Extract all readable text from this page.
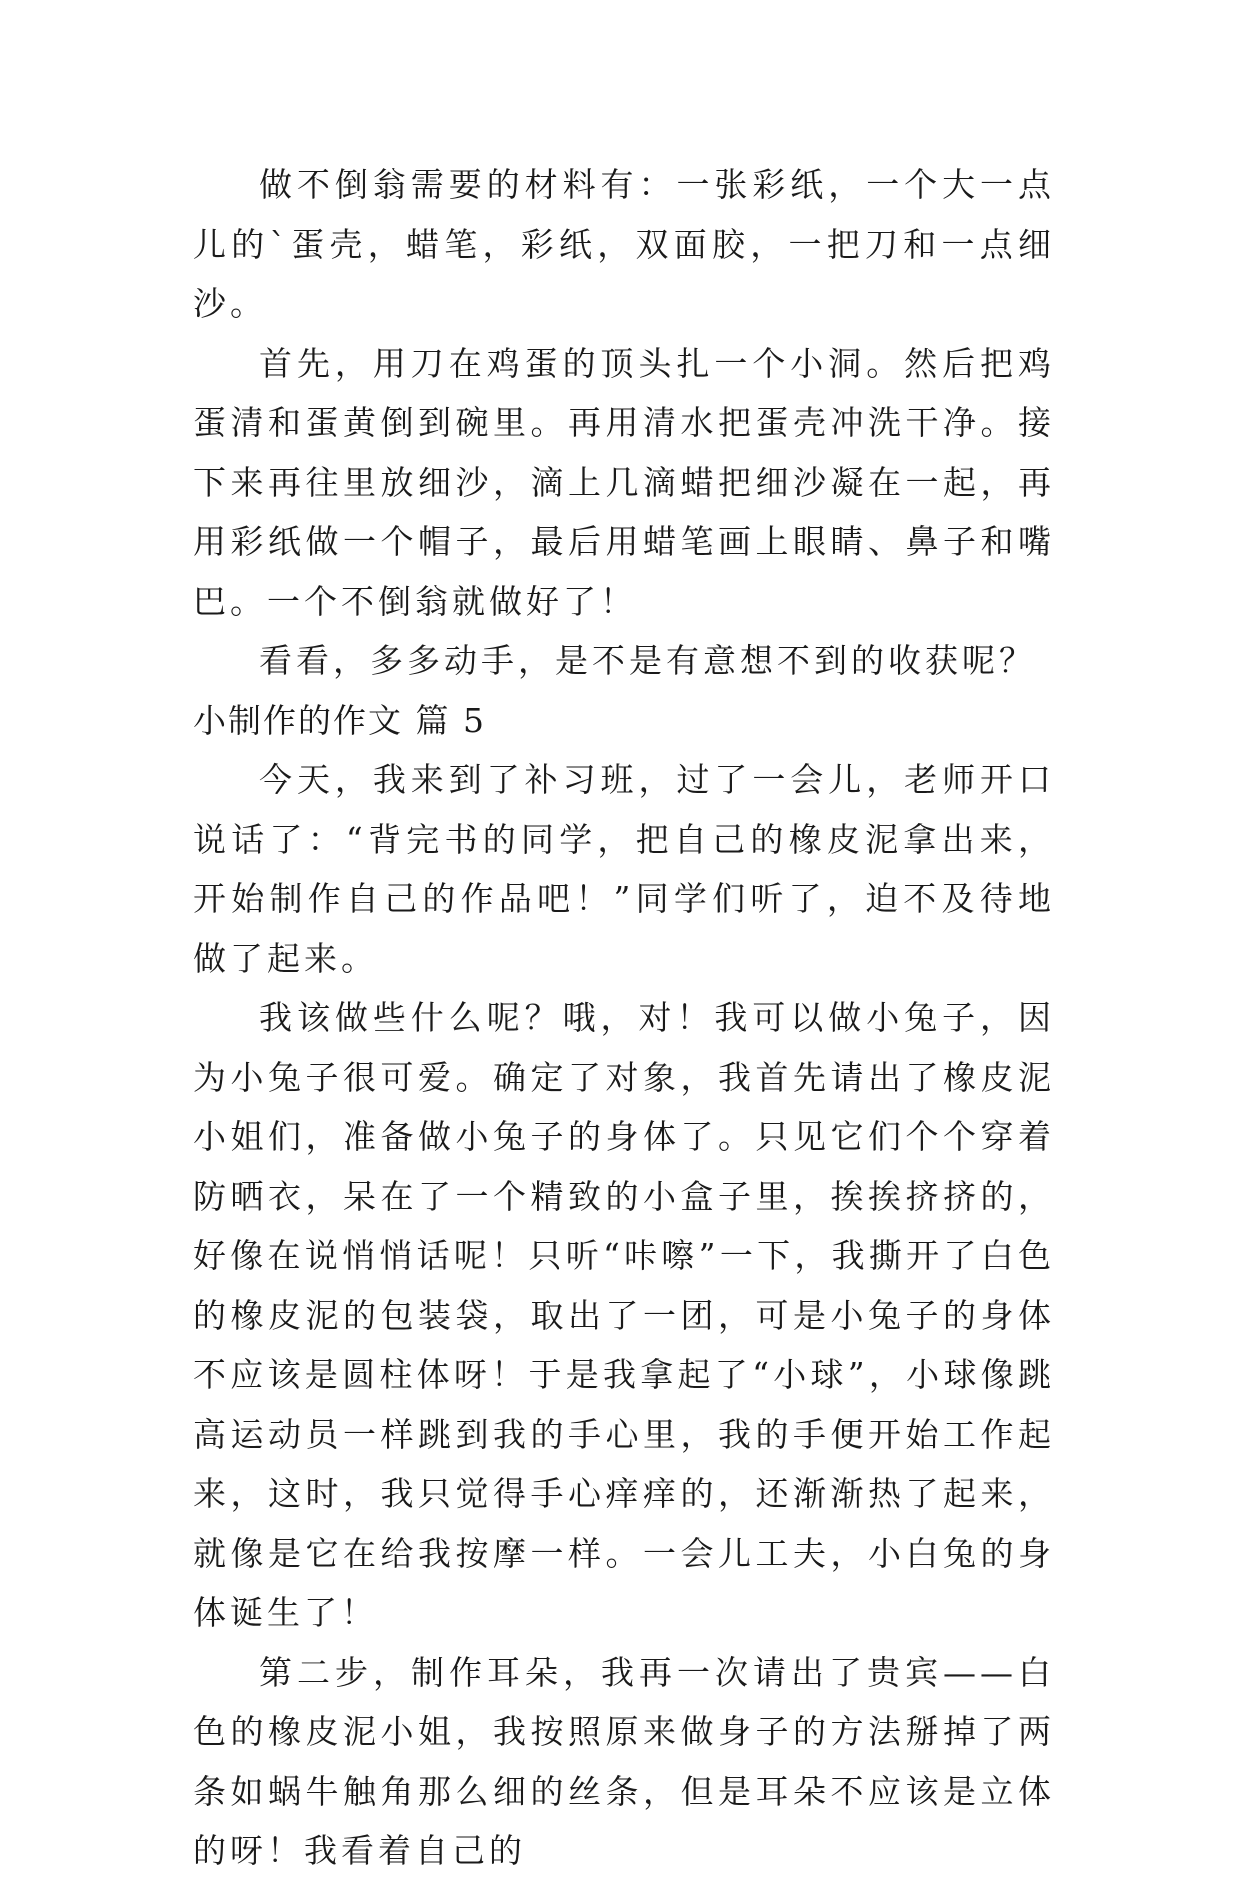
做不倒翁需要的材料有：一张彩纸，一个大一点儿的`蛋壳，蜡笔，彩纸，双面胶，一把刀和一点细沙。

首先，用刀在鸡蛋的顶头扎一个小洞。然后把鸡蛋清和蛋黄倒到碗里。再用清水把蛋壳冲洗干净。接下来再往里放细沙，滴上几滴蜡把细沙凝在一起，再用彩纸做一个帽子，最后用蜡笔画上眼睛、鼻子和嘴巴。一个不倒翁就做好了！

看看，多多动手，是不是有意想不到的收获呢？

小制作的作文 篇 5

今天，我来到了补习班，过了一会儿，老师开口说话了：“背完书的同学，把自己的橡皮泥拿出来，开始制作自己的作品吧！”同学们听了，迫不及待地做了起来。

我该做些什么呢？哦，对！我可以做小兔子，因为小兔子很可爱。确定了对象，我首先请出了橡皮泥小姐们，准备做小兔子的身体了。只见它们个个穿着防晒衣，呆在了一个精致的小盒子里，挨挨挤挤的，好像在说悄悄话呢！只听“咔嚓”一下，我撕开了白色的橡皮泥的包装袋，取出了一团，可是小兔子的身体不应该是圆柱体呀！于是我拿起了“小球”，小球像跳高运动员一样跳到我的手心里，我的手便开始工作起来，这时，我只觉得手心痒痒的，还渐渐热了起来，就像是它在给我按摩一样。一会儿工夫，小白兔的身体诞生了！

第二步，制作耳朵，我再一次请出了贵宾——白色的橡皮泥小姐，我按照原来做身子的方法掰掉了两条如蜗牛触角那么细的丝条，但是耳朵不应该是立体的呀！我看着自己的
